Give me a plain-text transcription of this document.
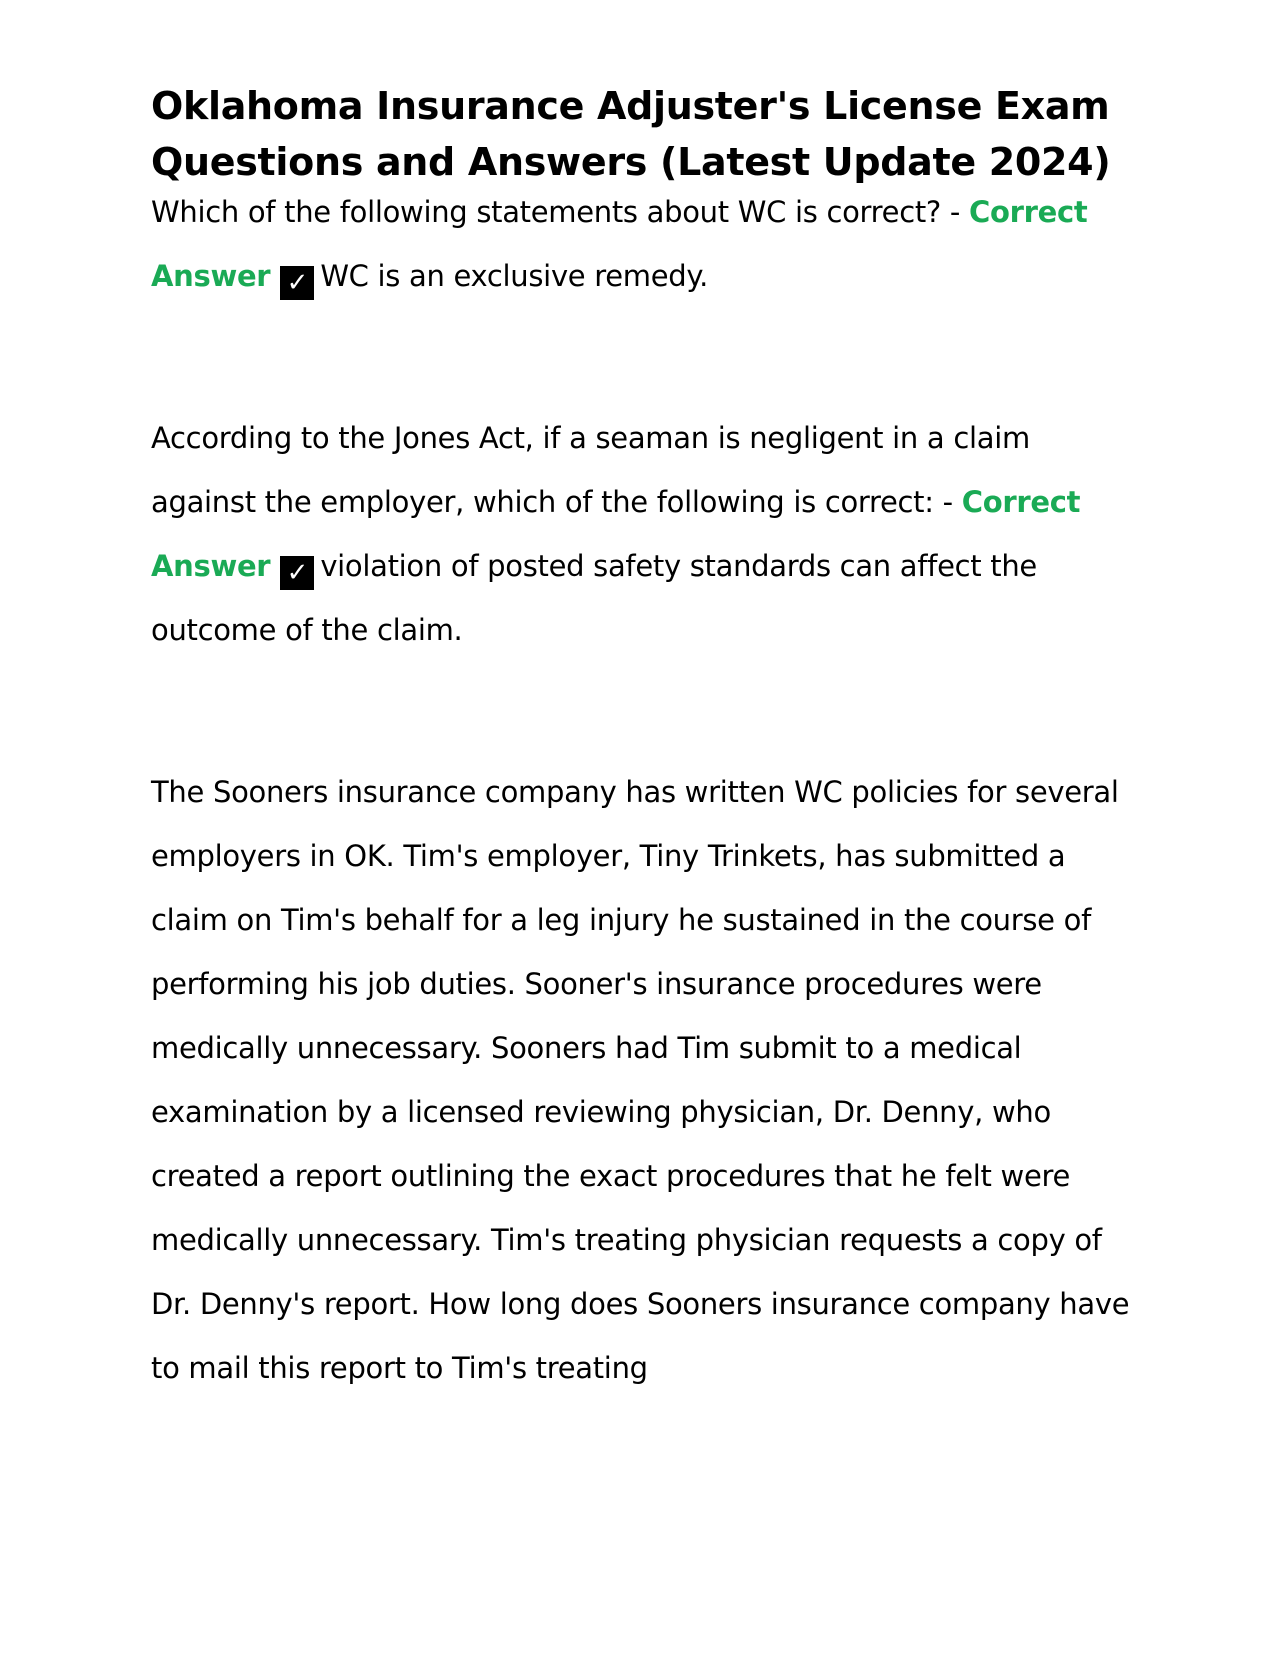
Oklahoma Insurance Adjuster's License Exam Questions and Answers (Latest Update 2024)

Which of the following statements about WC is correct? - Correct Answer ✓ WC is an exclusive remedy.

According to the Jones Act, if a seaman is negligent in a claim against the employer, which of the following is correct: - Correct Answer ✓ violation of posted safety standards can affect the outcome of the claim.

The Sooners insurance company has written WC policies for several employers in OK. Tim's employer, Tiny Trinkets, has submitted a claim on Tim's behalf for a leg injury he sustained in the course of performing his job duties. Sooner's insurance procedures were medically unnecessary. Sooners had Tim submit to a medical examination by a licensed reviewing physician, Dr. Denny, who created a report outlining the exact procedures that he felt were medically unnecessary. Tim's treating physician requests a copy of Dr. Denny's report. How long does Sooners insurance company have to mail this report to Tim's treating
